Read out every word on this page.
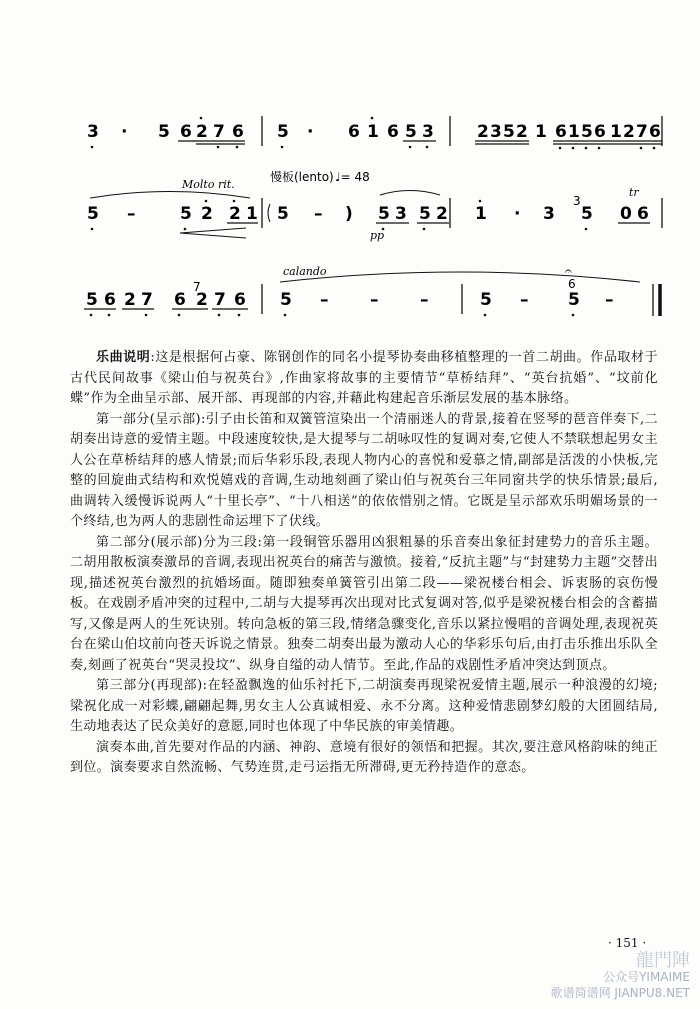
3 · 5 6 2 7 6 5 · 6 1 6 5 3	2 3 5 2 1 6 1 5 6 1 2 7 6
慢板(lento) ♩= 48
Molto rit.
tr
5 –	5 2 2 1 5 – ) 5 3 5 2
pp
1 · 3
3
5 0 6
calando
5 6 2 7 6 2 7 6
7
5 – – –	5 –
𝄐
6
5 –

乐曲说明:这是根据何占豪、陈钢创作的同名小提琴协奏曲移植整理的一首二胡曲。作品取材于古代民间故事《梁山伯与祝英台》,作曲家将故事的主要情节“草桥结拜”、“英台抗婚”、“坟前化蝶”作为全曲呈示部、展开部、再现部的内容,并藉此构建起音乐渐层发展的基本脉络。

第一部分(呈示部):引子由长笛和双簧管渲染出一个清丽迷人的背景,接着在竖琴的琶音伴奏下,二胡奏出诗意的爱情主题。中段速度较快,是大提琴与二胡咏叹性的复调对奏,它使人不禁联想起男女主人公在草桥结拜的感人情景;而后华彩乐段,表现人物内心的喜悦和爱慕之情,副部是活泼的小快板,完整的回旋曲式结构和欢悦嬉戏的音调,生动地刻画了梁山伯与祝英台三年同窗共学的快乐情景;最后,曲调转入缓慢诉说两人“十里长亭”、“十八相送”的依依惜别之情。它既是呈示部欢乐明媚场景的一个终结,也为两人的悲剧性命运埋下了伏线。

第二部分(展示部)分为三段:第一段铜管乐器用凶狠粗暴的乐音奏出象征封建势力的音乐主题。二胡用散板演奏激昂的音调,表现出祝英台的痛苦与激愤。接着,“反抗主题”与“封建势力主题”交替出现,描述祝英台激烈的抗婚场面。随即独奏单簧管引出第二段——梁祝楼台相会、诉衷肠的哀伤慢板。在戏剧矛盾冲突的过程中,二胡与大提琴再次出现对比式复调对答,似乎是梁祝楼台相会的含蓄描写,又像是两人的生死诀别。转向急板的第三段,情绪急骤变化,音乐以紧拉慢唱的音调处理,表现祝英台在梁山伯坟前向苍天诉说之情景。独奏二胡奏出最为激动人心的华彩乐句后,由打击乐推出乐队全奏,刻画了祝英台“哭灵投坟”、纵身自缢的动人情节。至此,作品的戏剧性矛盾冲突达到顶点。

第三部分(再现部):在轻盈飘逸的仙乐衬托下,二胡演奏再现梁祝爱情主题,展示一种浪漫的幻境;梁祝化成一对彩蝶,翩翩起舞,男女主人公真诚相爱、永不分离。这种爱情悲剧梦幻般的大团圆结局,生动地表达了民众美好的意愿,同时也体现了中华民族的审美情趣。

演奏本曲,首先要对作品的内涵、神韵、意境有很好的领悟和把握。其次,要注意风格韵味的纯正到位。演奏要求自然流畅、气势连贯,走弓运指无所滞碍,更无矜持造作的意态。

· 151 ·
龍門陣
公众号YIMAIME
歌谱简谱网 JIANPU8.NET
